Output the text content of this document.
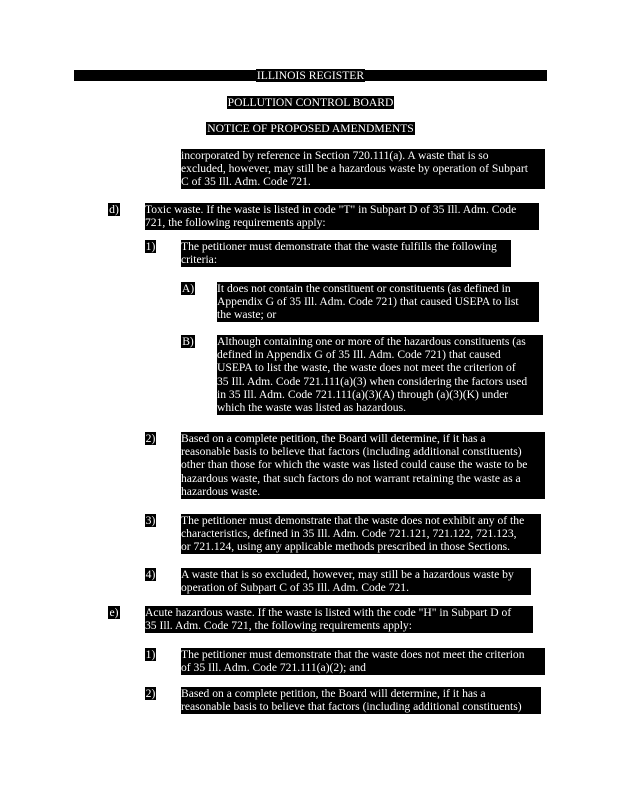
ILLINOIS REGISTER
POLLUTION CONTROL BOARD
NOTICE OF PROPOSED AMENDMENTS
incorporated by reference in Section 720.111(a). A waste that is so
excluded, however, may still be a hazardous waste by operation of Subpart
C of 35 Ill. Adm. Code 721.
d) Toxic waste. If the waste is listed in code "T" in Subpart D of 35 Ill. Adm. Code
721, the following requirements apply:
1) The petitioner must demonstrate that the waste fulfills the following
criteria:
A) It does not contain the constituent or constituents (as defined in
Appendix G of 35 Ill. Adm. Code 721) that caused USEPA to list
the waste; or
B) Although containing one or more of the hazardous constituents (as
defined in Appendix G of 35 Ill. Adm. Code 721) that caused
USEPA to list the waste, the waste does not meet the criterion of
35 Ill. Adm. Code 721.111(a)(3) when considering the factors used
in 35 Ill. Adm. Code 721.111(a)(3)(A) through (a)(3)(K) under
which the waste was listed as hazardous.
2) Based on a complete petition, the Board will determine, if it has a
reasonable basis to believe that factors (including additional constituents)
other than those for which the waste was listed could cause the waste to be
hazardous waste, that such factors do not warrant retaining the waste as a
hazardous waste.
3) The petitioner must demonstrate that the waste does not exhibit any of the
characteristics, defined in 35 Ill. Adm. Code 721.121, 721.122, 721.123,
or 721.124, using any applicable methods prescribed in those Sections.
4) A waste that is so excluded, however, may still be a hazardous waste by
operation of Subpart C of 35 Ill. Adm. Code 721.
e) Acute hazardous waste. If the waste is listed with the code "H" in Subpart D of
35 Ill. Adm. Code 721, the following requirements apply:
1) The petitioner must demonstrate that the waste does not meet the criterion
of 35 Ill. Adm. Code 721.111(a)(2); and
2) Based on a complete petition, the Board will determine, if it has a
reasonable basis to believe that factors (including additional constituents)
